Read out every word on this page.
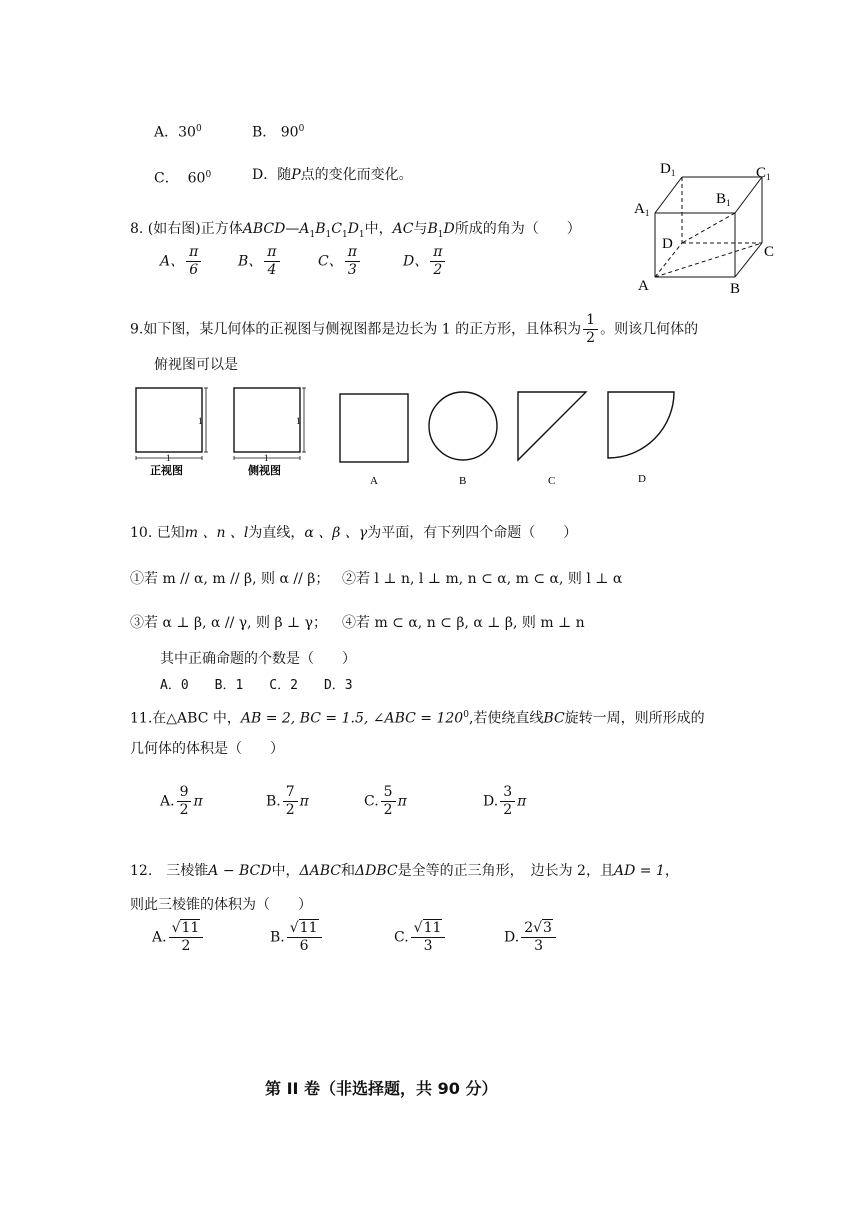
A．$30^0$	B． $90^0$
C． $60^0$	D．随P点的变化而变化。	$D_1$	$C_1$
$B_1$
$A_1$
D	C
A	B
8. (如右图)正方体$ABCD—A_1B_1C_1D_1$中，AC与$B_1D$所成的角为（　　）
A、 $\frac{\pi}{6}$	B、 $\frac{\pi}{4}$	C、 $\frac{\pi}{3}$	D、 $\frac{\pi}{2}$
9.如下图，某几何体的正视图与侧视图都是边长为 1 的正方形，且体积为 $\frac{1}{2}$ 。则该几何体的
俯视图可以是
1
1
正视图
1
1
侧视图
A	B	C	D
10. 已知m 、n 、l为直线，α 、β 、γ为平面，有下列四个命题（　　）
①若 m // α, m // β, 则 α // β； ②若 l ⊥ n, l ⊥ m, n ⊂ α, m ⊂ α, 则 l ⊥ α
③若 α ⊥ β, α // γ, 则 β ⊥ γ； ④若 m ⊂ α, n ⊂ β, α ⊥ β, 则 m ⊥ n
其中正确命题的个数是（　　）
A．0　　B．1　　C．2　　D．3
11.在△ABC 中，AB = 2, BC = 1.5, ∠ABC = $120^0$,若使绕直线BC旋转一周，则所形成的
几何体的体积是（　　）
A. $\frac{9}{2}$ π	B. $\frac{7}{2}$ π	C. $\frac{5}{2}$ π	D. $\frac{3}{2}$ π
12.　三棱锥A − BCD中，ΔABC和ΔDBC是全等的正三角形，　边长为 2，且AD = 1，
则此三棱锥的体积为（　　）
A. $\frac{√11}{2}$	B. $\frac{√11}{6}$	C. $\frac{√11}{3}$	D. $\frac{2√3}{3}$
第 II 卷（非选择题，共 90 分）
